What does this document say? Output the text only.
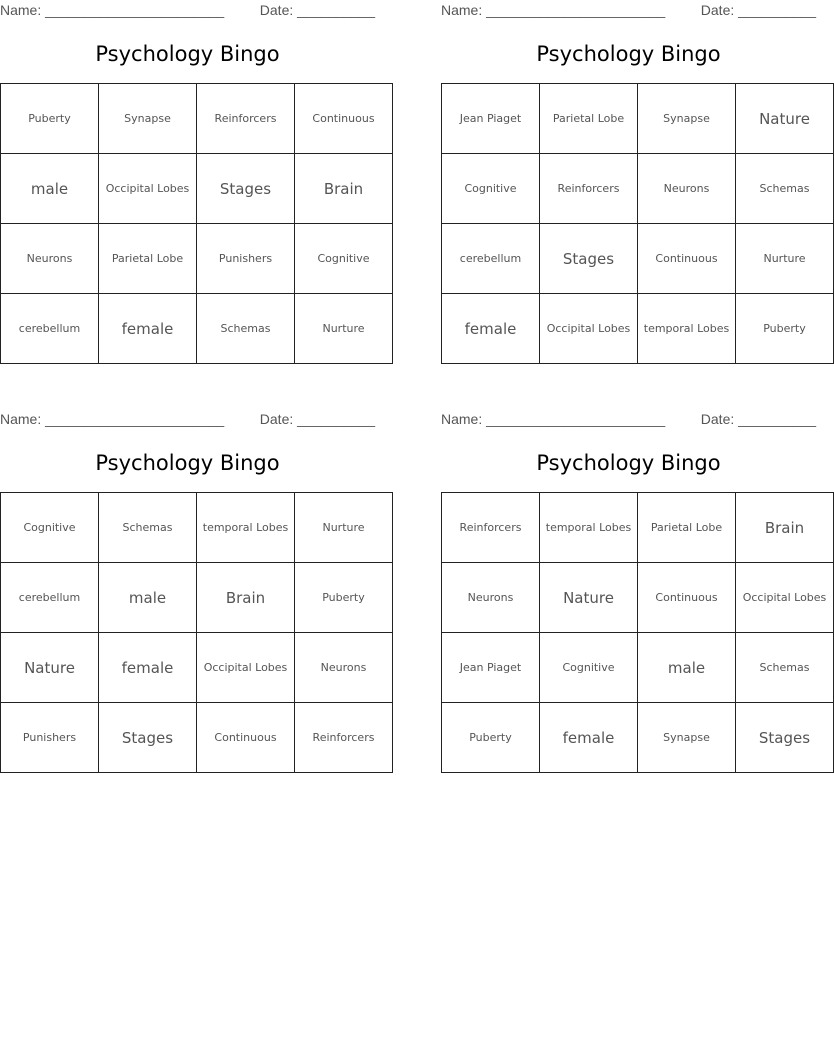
Name: _______________________	Date: __________
Psychology Bingo
Puberty	Synapse	Reinforcers	Continuous
male	Occipital Lobes	Stages	Brain
Neurons	Parietal Lobe	Punishers	Cognitive
cerebellum	female	Schemas	Nurture
Name: _______________________	Date: __________
Psychology Bingo
Jean Piaget	Parietal Lobe	Synapse	Nature
Cognitive	Reinforcers	Neurons	Schemas
cerebellum	Stages	Continuous	Nurture
female	Occipital Lobes	temporal Lobes	Puberty
Name: _______________________	Date: __________
Psychology Bingo
Cognitive	Schemas	temporal Lobes	Nurture
cerebellum	male	Brain	Puberty
Nature	female	Occipital Lobes	Neurons
Punishers	Stages	Continuous	Reinforcers
Name: _______________________	Date: __________
Psychology Bingo
Reinforcers	temporal Lobes	Parietal Lobe	Brain
Neurons	Nature	Continuous	Occipital Lobes
Jean Piaget	Cognitive	male	Schemas
Puberty	female	Synapse	Stages
